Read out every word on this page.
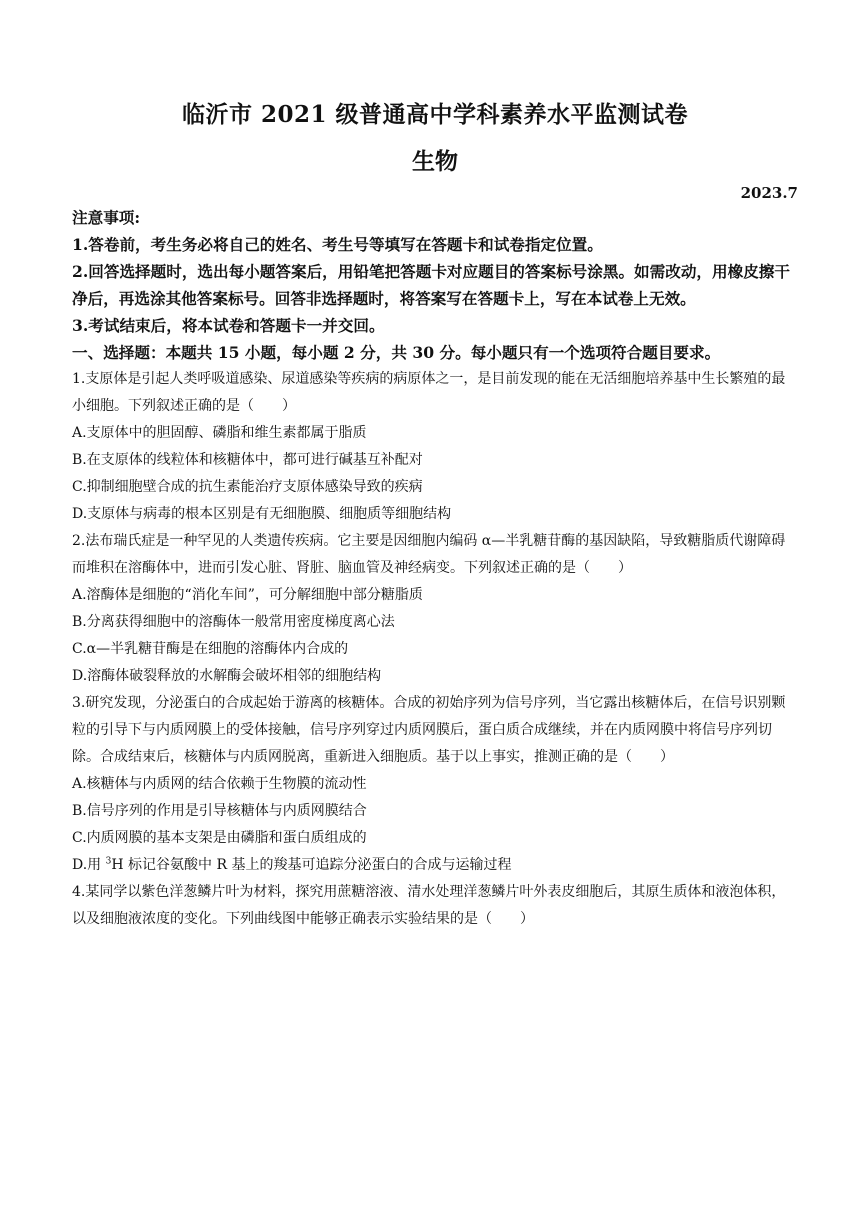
临沂市 2021 级普通高中学科素养水平监测试卷
生物
2023.7
注意事项:
1.答卷前，考生务必将自己的姓名、考生号等填写在答题卡和试卷指定位置。
2.回答选择题时，选出每小题答案后，用铅笔把答题卡对应题目的答案标号涂黑。如需改动，用橡皮擦干净后，再选涂其他答案标号。回答非选择题时，将答案写在答题卡上，写在本试卷上无效。
3.考试结束后，将本试卷和答题卡一并交回。
一、选择题：本题共 15 小题，每小题 2 分，共 30 分。每小题只有一个选项符合题目要求。

1.支原体是引起人类呼吸道感染、尿道感染等疾病的病原体之一，是目前发现的能在无活细胞培养基中生长繁殖的最小细胞。下列叙述正确的是（　　）

A.支原体中的胆固醇、磷脂和维生素都属于脂质

B.在支原体的线粒体和核糖体中，都可进行碱基互补配对

C.抑制细胞壁合成的抗生素能治疗支原体感染导致的疾病

D.支原体与病毒的根本区别是有无细胞膜、细胞质等细胞结构

2.法布瑞氏症是一种罕见的人类遗传疾病。它主要是因细胞内编码 α—半乳糖苷酶的基因缺陷，导致糖脂质代谢障碍而堆积在溶酶体中，进而引发心脏、肾脏、脑血管及神经病变。下列叙述正确的是（　　）

A.溶酶体是细胞的“消化车间”，可分解细胞中部分糖脂质

B.分离获得细胞中的溶酶体一般常用密度梯度离心法

C.α—半乳糖苷酶是在细胞的溶酶体内合成的

D.溶酶体破裂释放的水解酶会破坏相邻的细胞结构

3.研究发现，分泌蛋白的合成起始于游离的核糖体。合成的初始序列为信号序列，当它露出核糖体后，在信号识别颗粒的引导下与内质网膜上的受体接触，信号序列穿过内质网膜后，蛋白质合成继续，并在内质网膜中将信号序列切除。合成结束后，核糖体与内质网脱离，重新进入细胞质。基于以上事实，推测正确的是（　　）

A.核糖体与内质网的结合依赖于生物膜的流动性

B.信号序列的作用是引导核糖体与内质网膜结合

C.内质网膜的基本支架是由磷脂和蛋白质组成的

D.用 $^3$H 标记谷氨酸中 R 基上的羧基可追踪分泌蛋白的合成与运输过程

4.某同学以紫色洋葱鳞片叶为材料，探究用蔗糖溶液、清水处理洋葱鳞片叶外表皮细胞后，其原生质体和液泡体积，以及细胞液浓度的变化。下列曲线图中能够正确表示实验结果的是（　　）
